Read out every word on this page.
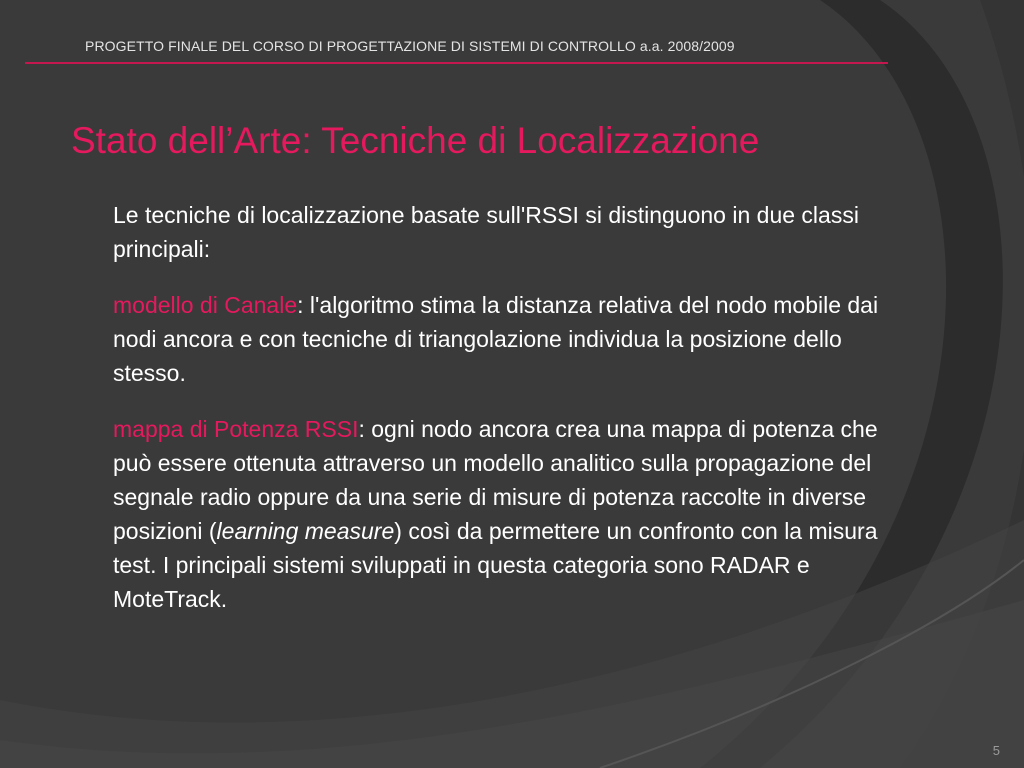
PROGETTO FINALE DEL CORSO DI PROGETTAZIONE DI SISTEMI DI CONTROLLO a.a. 2008/2009
Stato dell’Arte: Tecniche di Localizzazione

Le tecniche di localizzazione basate sull'RSSI si distinguono in due classi principali:

modello di Canale: l'algoritmo stima la distanza relativa del nodo mobile dai nodi ancora e con tecniche di triangolazione individua la posizione dello stesso.

mappa di Potenza RSSI: ogni nodo ancora crea una mappa di potenza che può essere ottenuta attraverso un modello analitico sulla propagazione del segnale radio oppure da una serie di misure di potenza raccolte in diverse posizioni (learning measure) così da permettere un confronto con la misura test. I principali sistemi sviluppati in questa categoria sono RADAR e MoteTrack.

5
